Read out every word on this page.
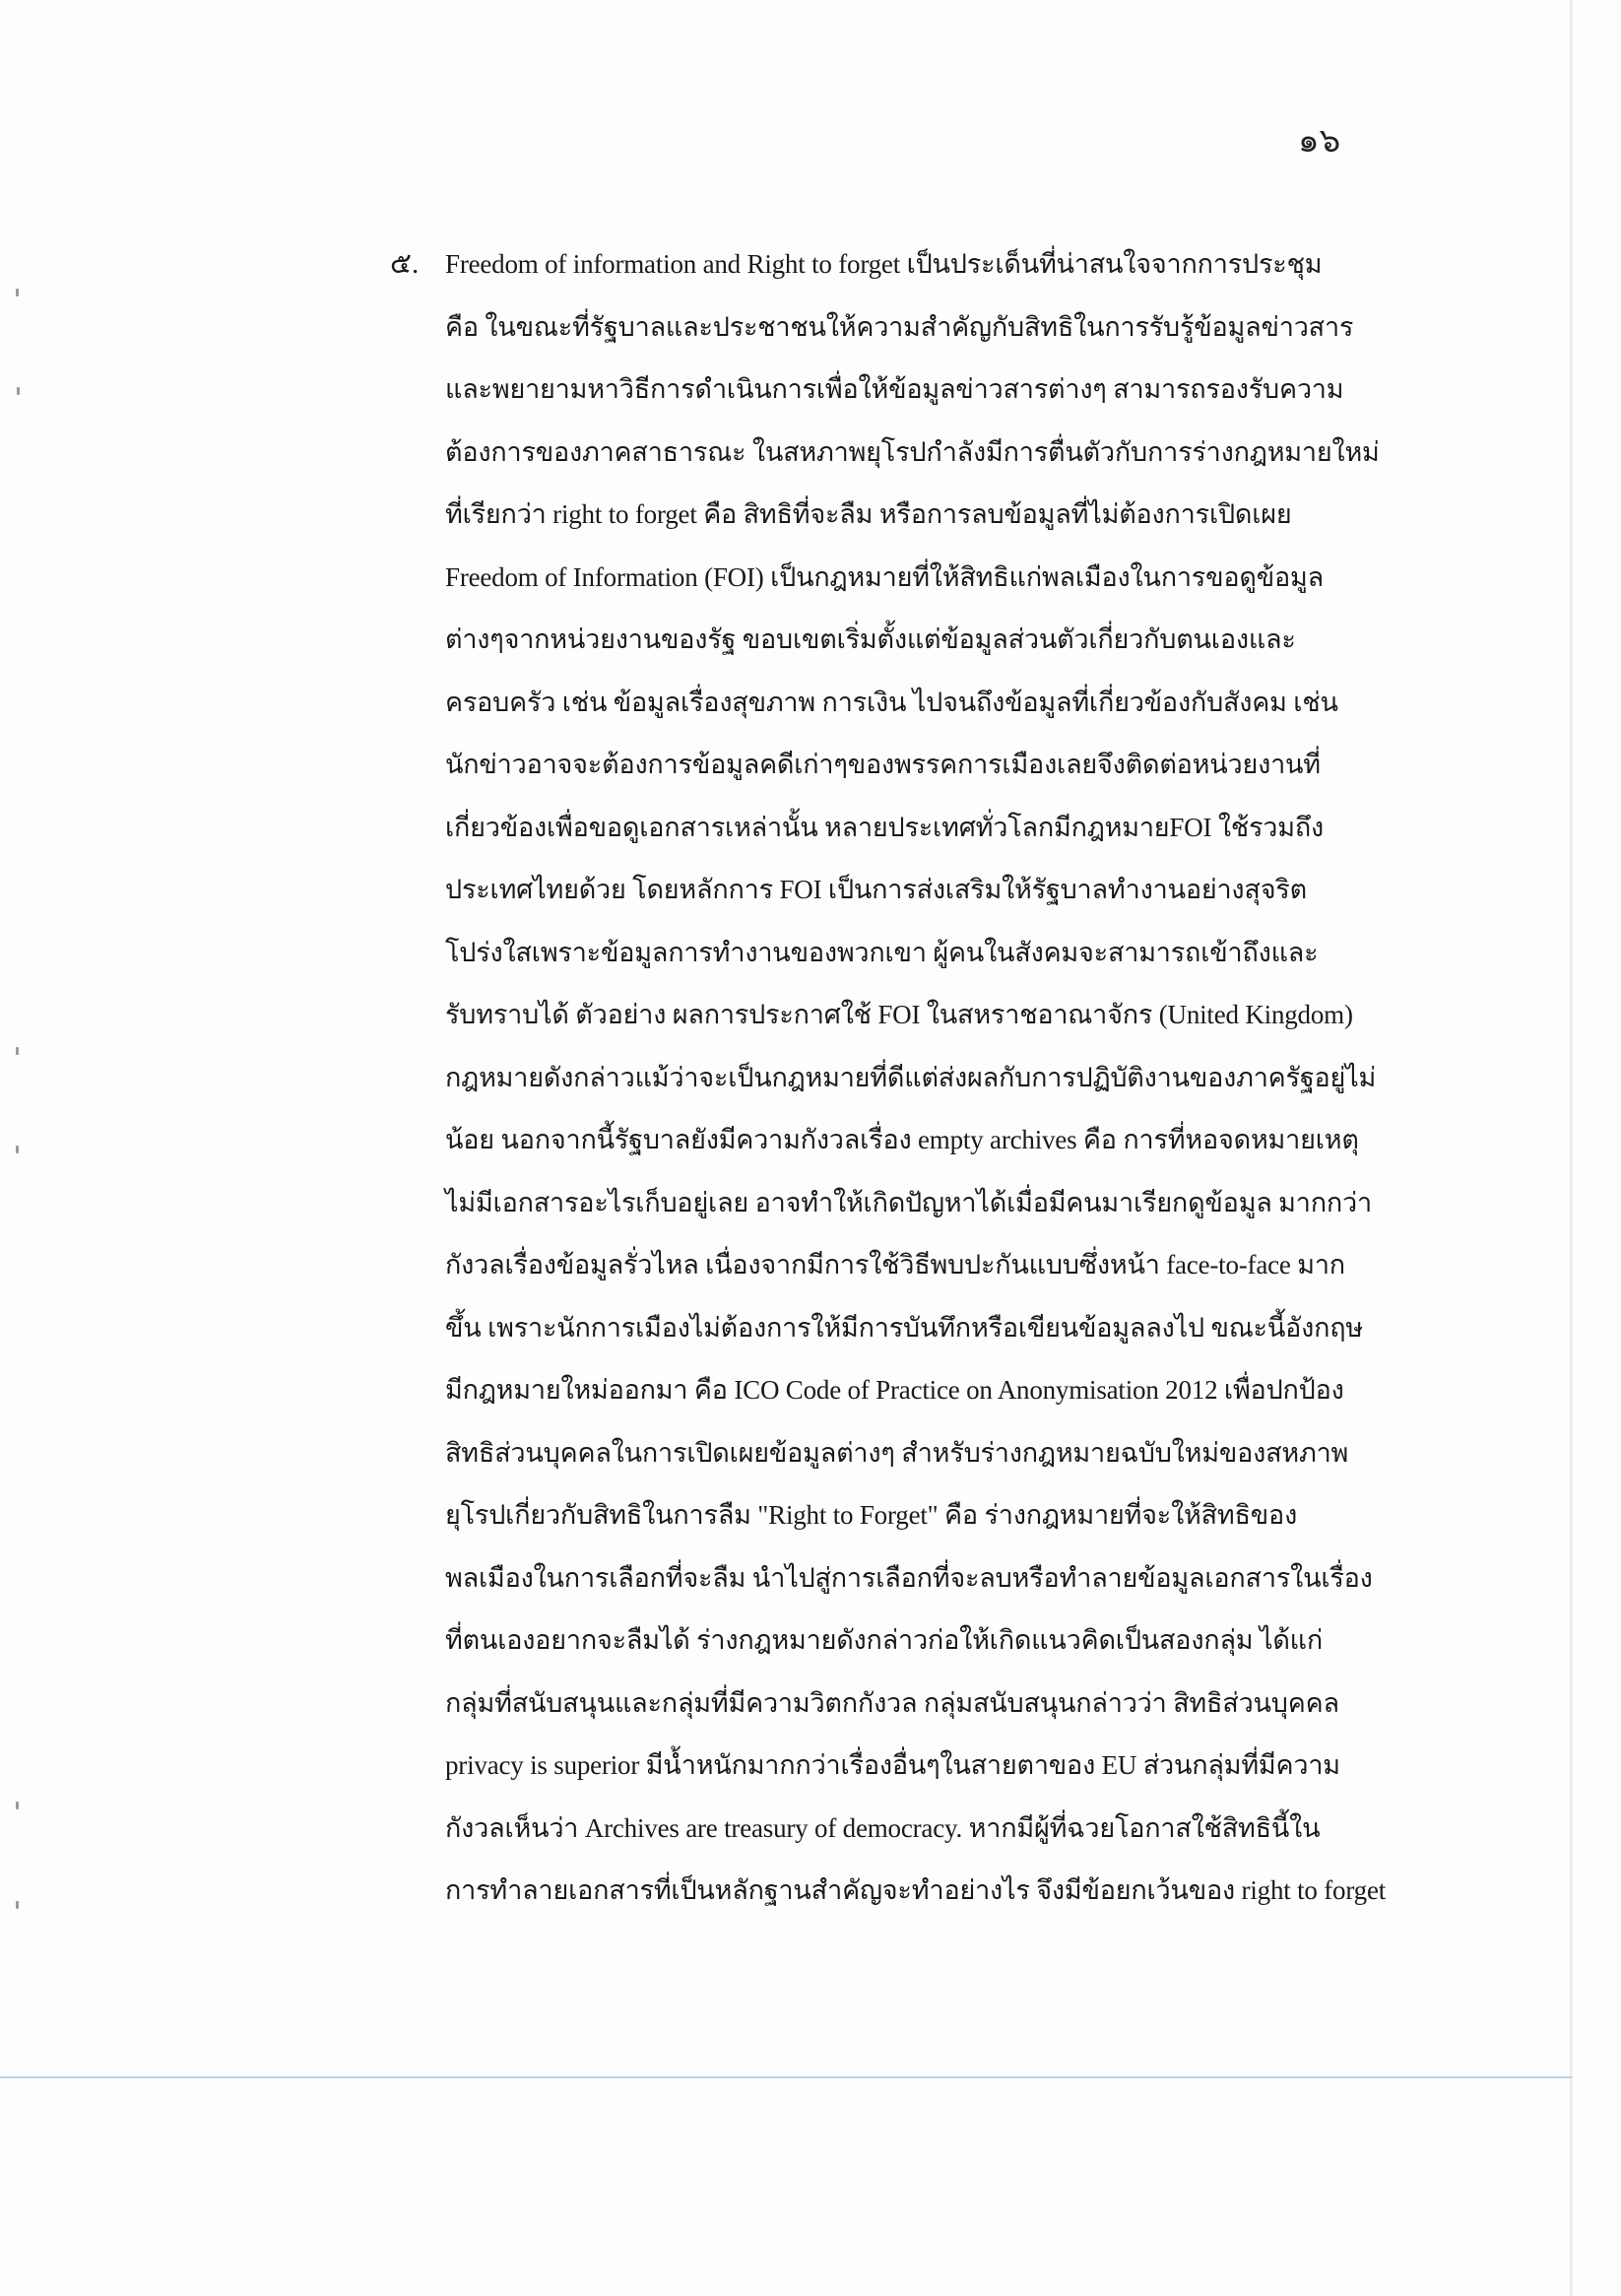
๑๖
๕. Freedom of information and Right to forget เป็นประเด็นที่น่าสนใจจากการประชุม
คือ ในขณะที่รัฐบาลและประชาชนให้ความสำคัญกับสิทธิในการรับรู้ข้อมูลข่าวสาร
และพยายามหาวิธีการดำเนินการเพื่อให้ข้อมูลข่าวสารต่างๆ สามารถรองรับความ
ต้องการของภาคสาธารณะ ในสหภาพยุโรปกำลังมีการตื่นตัวกับการร่างกฎหมายใหม่
ที่เรียกว่า right to forget คือ สิทธิที่จะลืม หรือการลบข้อมูลที่ไม่ต้องการเปิดเผย
Freedom of Information (FOI) เป็นกฎหมายที่ให้สิทธิแก่พลเมืองในการขอดูข้อมูล
ต่างๆจากหน่วยงานของรัฐ ขอบเขตเริ่มตั้งแต่ข้อมูลส่วนตัวเกี่ยวกับตนเองและ
ครอบครัว เช่น ข้อมูลเรื่องสุขภาพ การเงิน ไปจนถึงข้อมูลที่เกี่ยวข้องกับสังคม เช่น
นักข่าวอาจจะต้องการข้อมูลคดีเก่าๆของพรรคการเมืองเลยจึงติดต่อหน่วยงานที่
เกี่ยวข้องเพื่อขอดูเอกสารเหล่านั้น หลายประเทศทั่วโลกมีกฎหมายFOI ใช้รวมถึง
ประเทศไทยด้วย โดยหลักการ FOI เป็นการส่งเสริมให้รัฐบาลทำงานอย่างสุจริต
โปร่งใสเพราะข้อมูลการทำงานของพวกเขา ผู้คนในสังคมจะสามารถเข้าถึงและ
รับทราบได้ ตัวอย่าง ผลการประกาศใช้ FOI ในสหราชอาณาจักร (United Kingdom)
กฎหมายดังกล่าวแม้ว่าจะเป็นกฎหมายที่ดีแต่ส่งผลกับการปฏิบัติงานของภาครัฐอยู่ไม่
น้อย นอกจากนี้รัฐบาลยังมีความกังวลเรื่อง empty archives คือ การที่หอจดหมายเหตุ
ไม่มีเอกสารอะไรเก็บอยู่เลย อาจทำให้เกิดปัญหาได้เมื่อมีคนมาเรียกดูข้อมูล มากกว่า
กังวลเรื่องข้อมูลรั่วไหล เนื่องจากมีการใช้วิธีพบปะกันแบบซึ่งหน้า face-to-face มาก
ขึ้น เพราะนักการเมืองไม่ต้องการให้มีการบันทึกหรือเขียนข้อมูลลงไป ขณะนี้อังกฤษ
มีกฎหมายใหม่ออกมา คือ ICO Code of Practice on Anonymisation 2012 เพื่อปกป้อง
สิทธิส่วนบุคคลในการเปิดเผยข้อมูลต่างๆ สำหรับร่างกฎหมายฉบับใหม่ของสหภาพ
ยุโรปเกี่ยวกับสิทธิในการลืม "Right to Forget" คือ ร่างกฎหมายที่จะให้สิทธิของ
พลเมืองในการเลือกที่จะลืม นำไปสู่การเลือกที่จะลบหรือทำลายข้อมูลเอกสารในเรื่อง
ที่ตนเองอยากจะลืมได้ ร่างกฎหมายดังกล่าวก่อให้เกิดแนวคิดเป็นสองกลุ่ม ได้แก่
กลุ่มที่สนับสนุนและกลุ่มที่มีความวิตกกังวล กลุ่มสนับสนุนกล่าวว่า สิทธิส่วนบุคคล
privacy is superior มีน้ำหนักมากกว่าเรื่องอื่นๆในสายตาของ EU ส่วนกลุ่มที่มีความ
กังวลเห็นว่า Archives are treasury of democracy. หากมีผู้ที่ฉวยโอกาสใช้สิทธินี้ใน
การทำลายเอกสารที่เป็นหลักฐานสำคัญจะทำอย่างไร จึงมีข้อยกเว้นของ right to forget
